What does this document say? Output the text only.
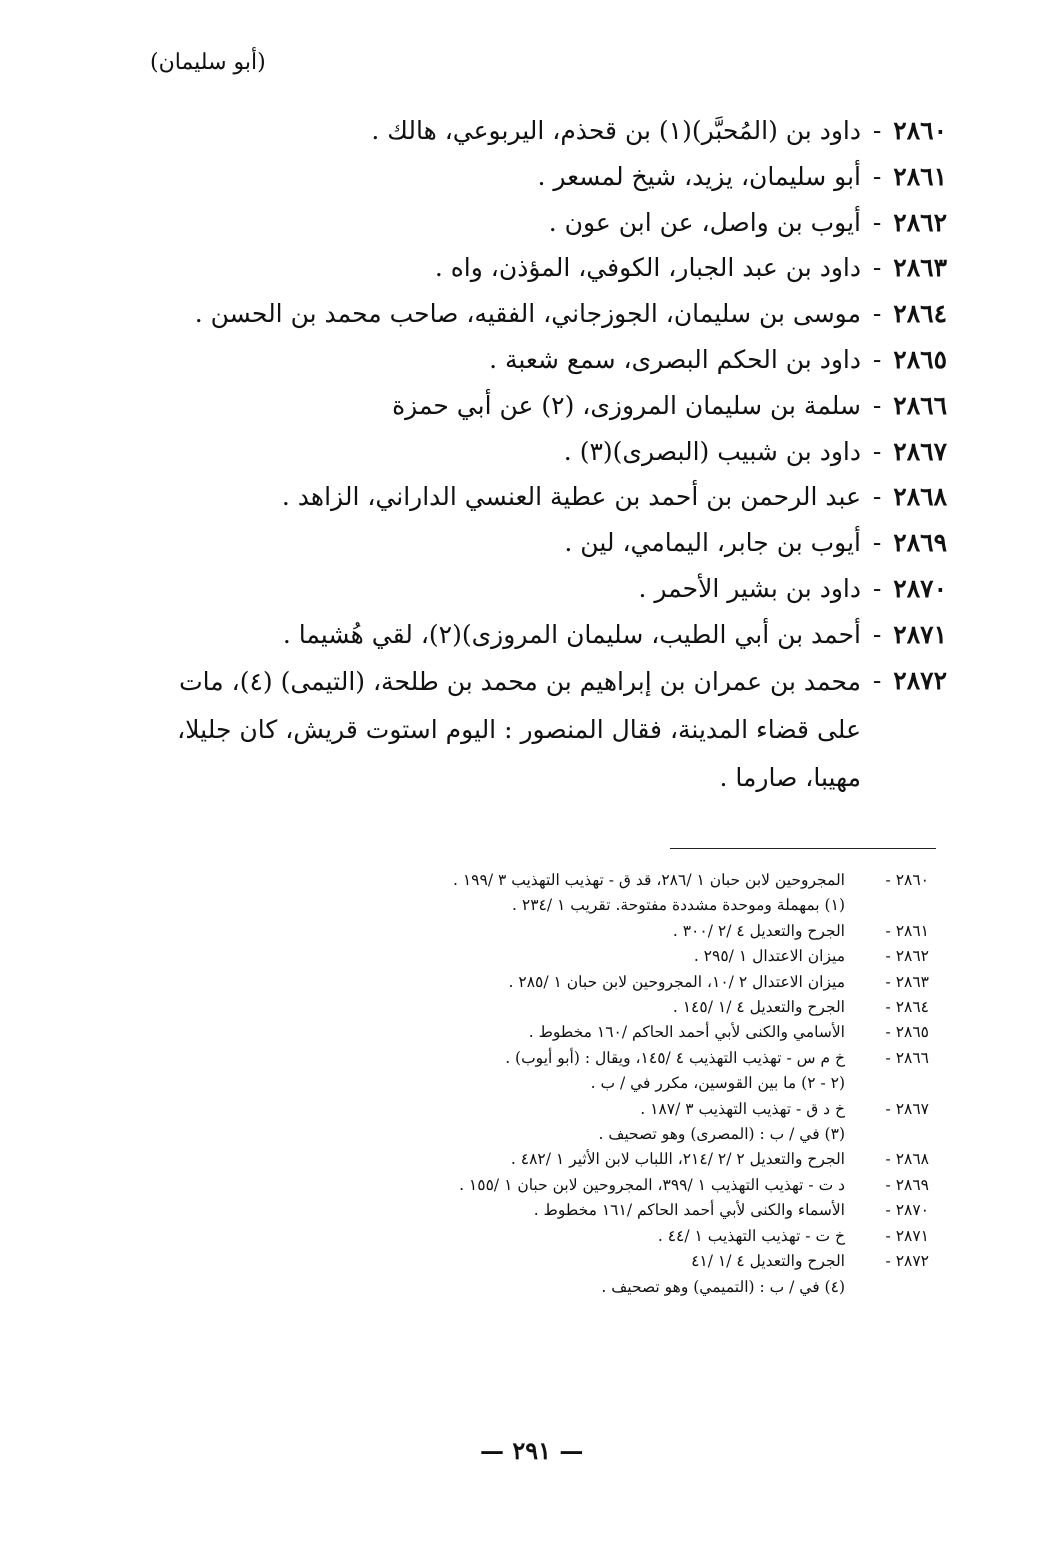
(أبو سليمان)
٢٨٦٠ -
داود بن (المُحبَّر)(١) بن قحذم، اليربوعي، هالك .
٢٨٦١ -
أبو سليمان، يزيد، شيخ لمسعر .
٢٨٦٢ -
أيوب بن واصل، عن ابن عون .
٢٨٦٣ -
داود بن عبد الجبار، الكوفي، المؤذن، واه .
٢٨٦٤ -
موسى بن سليمان، الجوزجاني، الفقيه، صاحب محمد بن الحسن .
٢٨٦٥ -
داود بن الحكم البصرى، سمع شعبة .
٢٨٦٦ -
سلمة بن سليمان المروزى، (٢) عن أبي حمزة
٢٨٦٧ -
داود بن شبيب (البصرى)(٣) .
٢٨٦٨ -
عبد الرحمن بن أحمد بن عطية العنسي الداراني، الزاهد .
٢٨٦٩ -
أيوب بن جابر، اليمامي، لين .
٢٨٧٠ -
داود بن بشير الأحمر .
٢٨٧١ -
أحمد بن أبي الطيب، سليمان المروزى)(٢)، لقي هُشيما .
٢٨٧٢ -
محمد بن عمران بن إبراهيم بن محمد بن طلحة، (التيمى) (٤)، مات على قضاء المدينة، فقال المنصور : اليوم استوت قريش، كان جليلا، مهيبا، صارما .
٢٨٦٠ -
المجروحين لابن حبان ١ /٢٨٦، قد ق - تهذيب التهذيب ٣ /١٩٩ .
(١) بمهملة وموحدة مشددة مفتوحة. تقريب ١ /٢٣٤ .
٢٨٦١ -
الجرح والتعديل ٤ /٢ /٣٠٠ .
٢٨٦٢ -
ميزان الاعتدال ١ /٢٩٥ .
٢٨٦٣ -
ميزان الاعتدال ٢ /١٠، المجروحين لابن حبان ١ /٢٨٥ .
٢٨٦٤ -
الجرح والتعديل ٤ /١ /١٤٥ .
٢٨٦٥ -
الأسامي والكنى لأبي أحمد الحاكم /١٦٠ مخطوط .
٢٨٦٦ -
خ م س - تهذيب التهذيب ٤ /١٤٥، ويقال : (أبو أيوب) .
(٢ - ٢) ما بين القوسين، مكرر في / ب .
٢٨٦٧ -
خ د ق - تهذيب التهذيب ٣ /١٨٧ .
(٣) في / ب : (المصرى) وهو تصحيف .
٢٨٦٨ -
الجرح والتعديل ٢ /٢ /٢١٤، اللباب لابن الأثير ١ /٤٨٢ .
٢٨٦٩ -
د ت - تهذيب التهذيب ١ /٣٩٩، المجروحين لابن حبان ١ /١٥٥ .
٢٨٧٠ -
الأسماء والكنى لأبي أحمد الحاكم /١٦١ مخطوط .
٢٨٧١ -
خ ت - تهذيب التهذيب ١ /٤٤ .
٢٨٧٢ -
الجرح والتعديل ٤ /١ /٤١
(٤) في / ب : (التميمي) وهو تصحيف .
— ٢٩١ —
